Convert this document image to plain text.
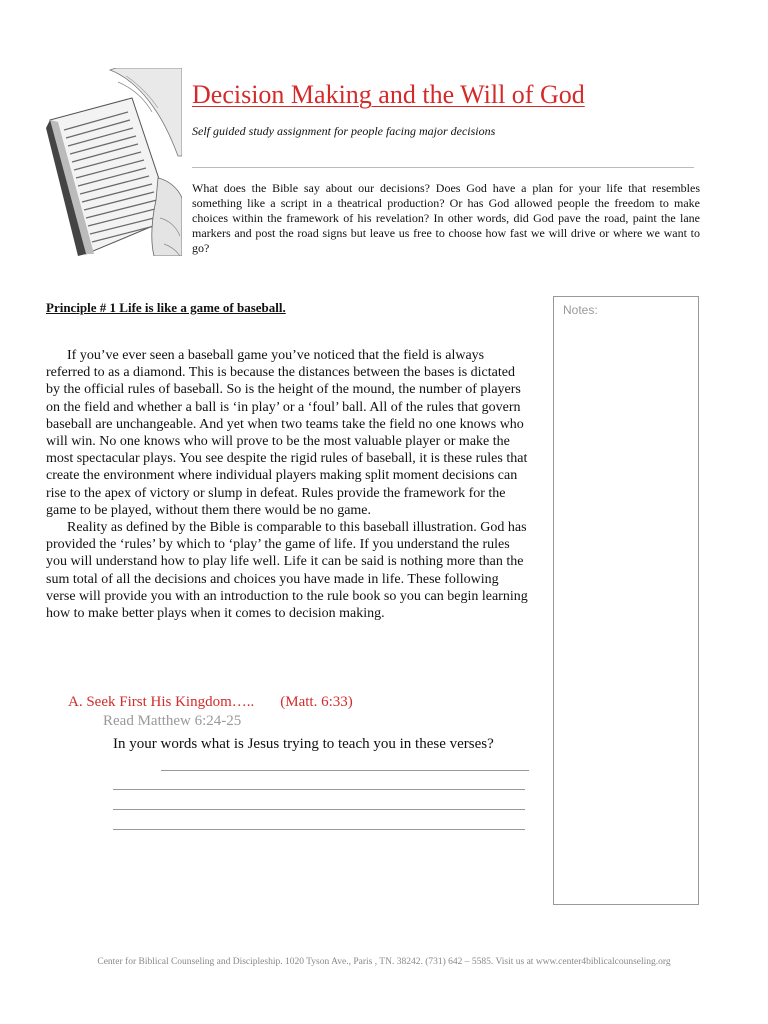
Decision Making and the Will of God
Self guided study assignment for people facing major decisions
What does the Bible say about our decisions? Does God have a plan for your life that resembles something like a script in a theatrical production? Or has God allowed people the freedom to make choices within the framework of his revelation? In other words, did God pave the road, paint the lane markers and post the road signs but leave us free to choose how fast we will drive or where we want to go?
Principle # 1 Life is like a game of baseball.

If you’ve ever seen a baseball game you’ve noticed that the field is always referred to as a diamond. This is because the distances between the bases is dictated by the official rules of baseball. So is the height of the mound, the number of players on the field and whether a ball is ‘in play’ or a ‘foul’ ball. All of the rules that govern baseball are unchangeable. And yet when two teams take the field no one knows who will win. No one knows who will prove to be the most valuable player or make the most spectacular plays. You see despite the rigid rules of baseball, it is these rules that create the environment where individual players making split moment decisions can rise to the apex of victory or slump in defeat. Rules provide the framework for the game to be played, without them there would be no game.

Reality as defined by the Bible is comparable to this baseball illustration. God has provided the ‘rules’ by which to ‘play’ the game of life. If you understand the rules you will understand how to play life well. Life it can be said is nothing more than the sum total of all the decisions and choices you have made in life. These following verse will provide you with an introduction to the rule book so you can begin learning how to make better plays when it comes to decision making.

Notes:
A. Seek First His Kingdom….. (Matt. 6:33)
Read Matthew 6:24-25
In your words what is Jesus trying to teach you in these verses?
Center for Biblical Counseling and Discipleship. 1020 Tyson Ave., Paris , TN. 38242. (731) 642 – 5585. Visit us at www.center4biblicalcounseling.org
